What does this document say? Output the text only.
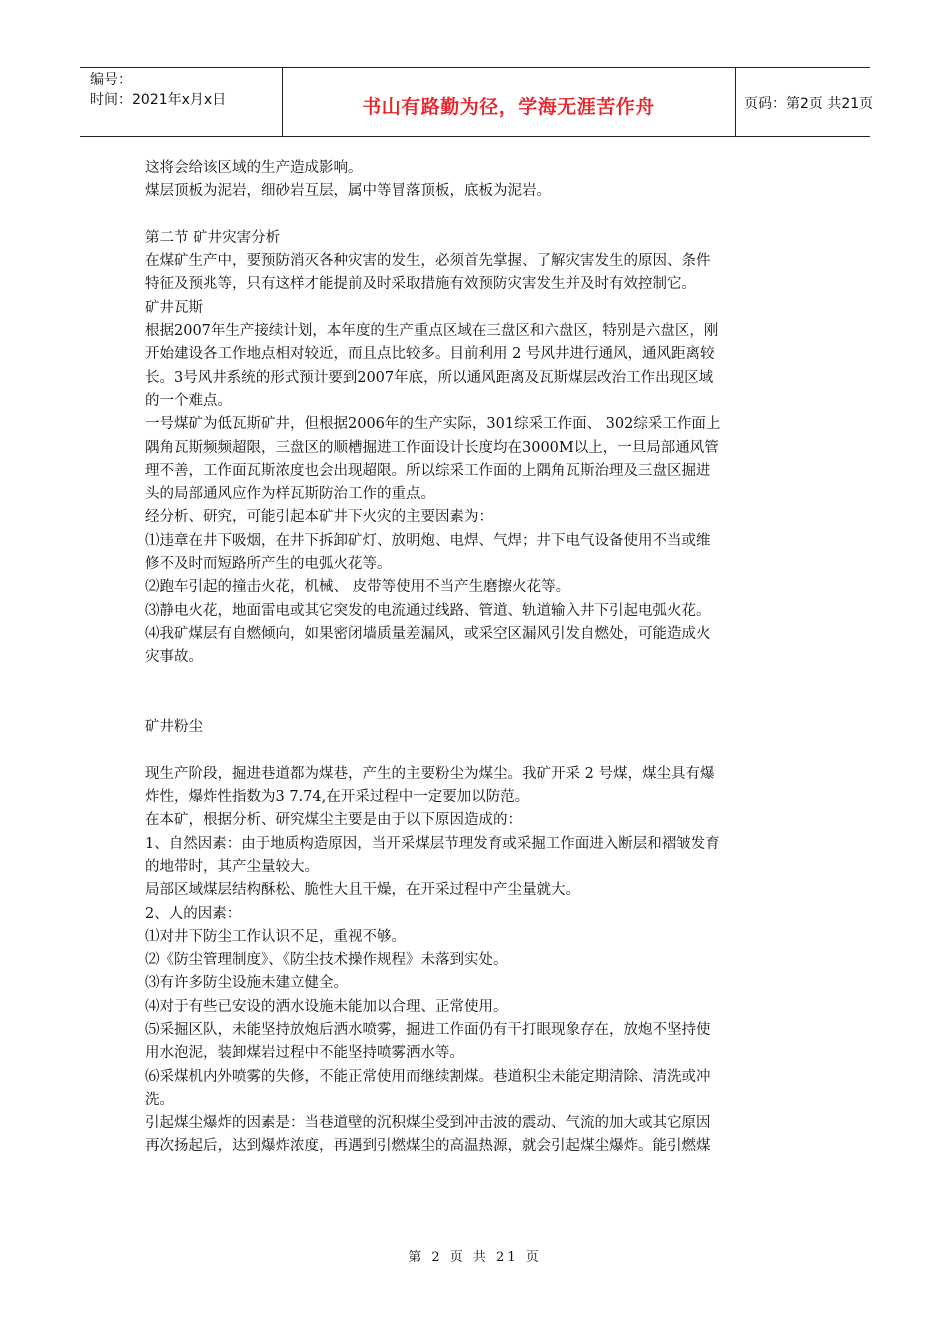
编号：
时间：2021年x月x日	书山有路勤为径，学海无涯苦作舟	页码：第2页 共21页
这将会给该区域的生产造成影响。
煤层顶板为泥岩，细砂岩互层，属中等冒落顶板，底板为泥岩。
第二节 矿井灾害分析
在煤矿生产中，要预防消灭各种灾害的发生，必须首先掌握、了解灾害发生的原因、条件
特征及预兆等，只有这样才能提前及时采取措施有效预防灾害发生并及时有效控制它。
矿井瓦斯
根据2007年生产接续计划，本年度的生产重点区域在三盘区和六盘区，特别是六盘区，刚
开始建设各工作地点相对较近，而且点比较多。目前利用 2 号风井进行通风，通风距离较
长。3号风井系统的形式预计要到2007年底，所以通风距离及瓦斯煤层改治工作出现区域
的一个难点。
一号煤矿为低瓦斯矿井，但根据2006年的生产实际，301综采工作面、 302综采工作面上
隅角瓦斯频频超限，三盘区的顺槽掘进工作面设计长度均在3000M以上，一旦局部通风管
理不善，工作面瓦斯浓度也会出现超限。所以综采工作面的上隅角瓦斯治理及三盘区掘进
头的局部通风应作为样瓦斯防治工作的重点。
经分析、研究，可能引起本矿井下火灾的主要因素为：
⑴违章在井下吸烟，在井下拆卸矿灯、放明炮、电焊、气焊；井下电气设备使用不当或维
修不及时而短路所产生的电弧火花等。
⑵跑车引起的撞击火花，机械、 皮带等使用不当产生磨擦火花等。
⑶静电火花，地面雷电或其它突发的电流通过线路、管道、轨道输入井下引起电弧火花。
⑷我矿煤层有自燃倾向，如果密闭墙质量差漏风，或采空区漏风引发自燃处，可能造成火
灾事故。
矿井粉尘
现生产阶段，掘进巷道都为煤巷，产生的主要粉尘为煤尘。我矿开采 2 号煤，煤尘具有爆
炸性，爆炸性指数为3 7.74,在开采过程中一定要加以防范。
在本矿，根据分析、研究煤尘主要是由于以下原因造成的：
1、自然因素：由于地质构造原因，当开采煤层节理发育或采掘工作面进入断层和褶皱发育
的地带时，其产尘量较大。
局部区域煤层结构酥松、脆性大且干燥，在开采过程中产尘量就大。
2、人的因素：
⑴对井下防尘工作认识不足，重视不够。
⑵《防尘管理制度》、《防尘技术操作规程》未落到实处。
⑶有许多防尘设施未建立健全。
⑷对于有些已安设的洒水设施未能加以合理、正常使用。
⑸采掘区队，未能坚持放炮后洒水喷雾，掘进工作面仍有干打眼现象存在，放炮不坚持使
用水泡泥，装卸煤岩过程中不能坚持喷雾洒水等。
⑹采煤机内外喷雾的失修，不能正常使用而继续割煤。巷道积尘未能定期清除、清洗或冲
洗。
引起煤尘爆炸的因素是：当巷道壁的沉积煤尘受到冲击波的震动、气流的加大或其它原因
再次扬起后，达到爆炸浓度，再遇到引燃煤尘的高温热源，就会引起煤尘爆炸。能引燃煤
第 2 页 共 21 页
